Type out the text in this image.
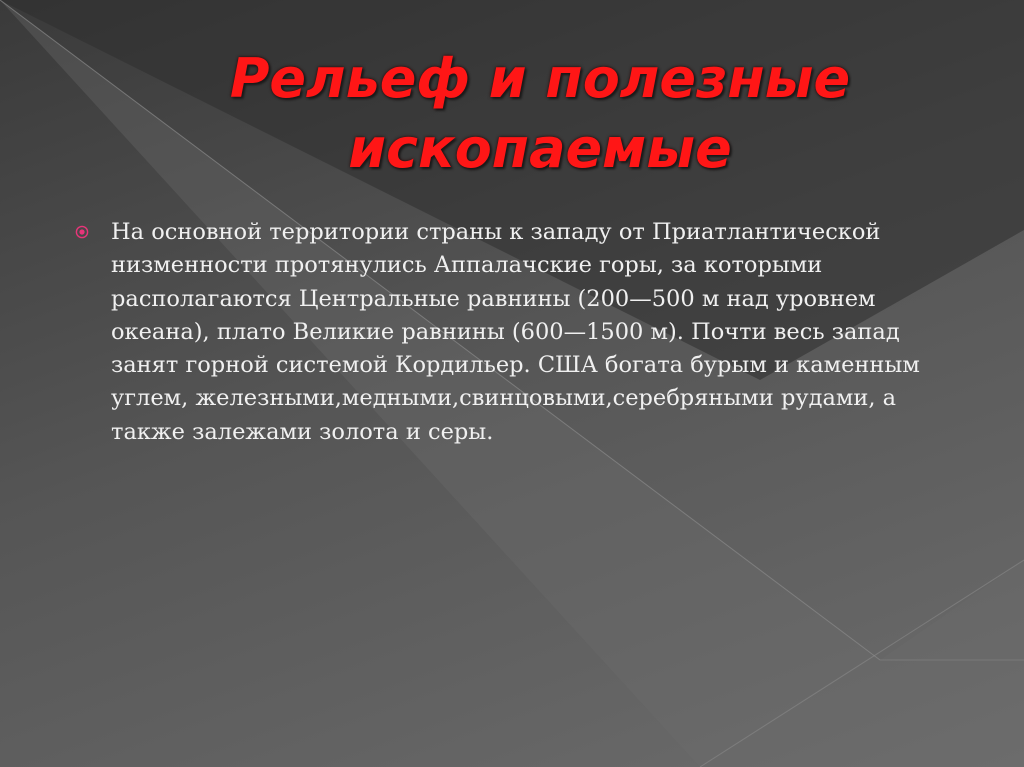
Рельеф и полезные
ископаемые

На основной территории страны к западу от Приатлантической низменности протянулись Аппалачские горы, за которыми располагаются Центральные равнины (200—500 м над уровнем океана), плато Великие равнины (600—1500 м). Почти весь запад занят горной системой Кордильер. США богата бурым и каменным углем, железными,медными,свинцовыми,серебряными рудами, а также залежами золота и серы.
